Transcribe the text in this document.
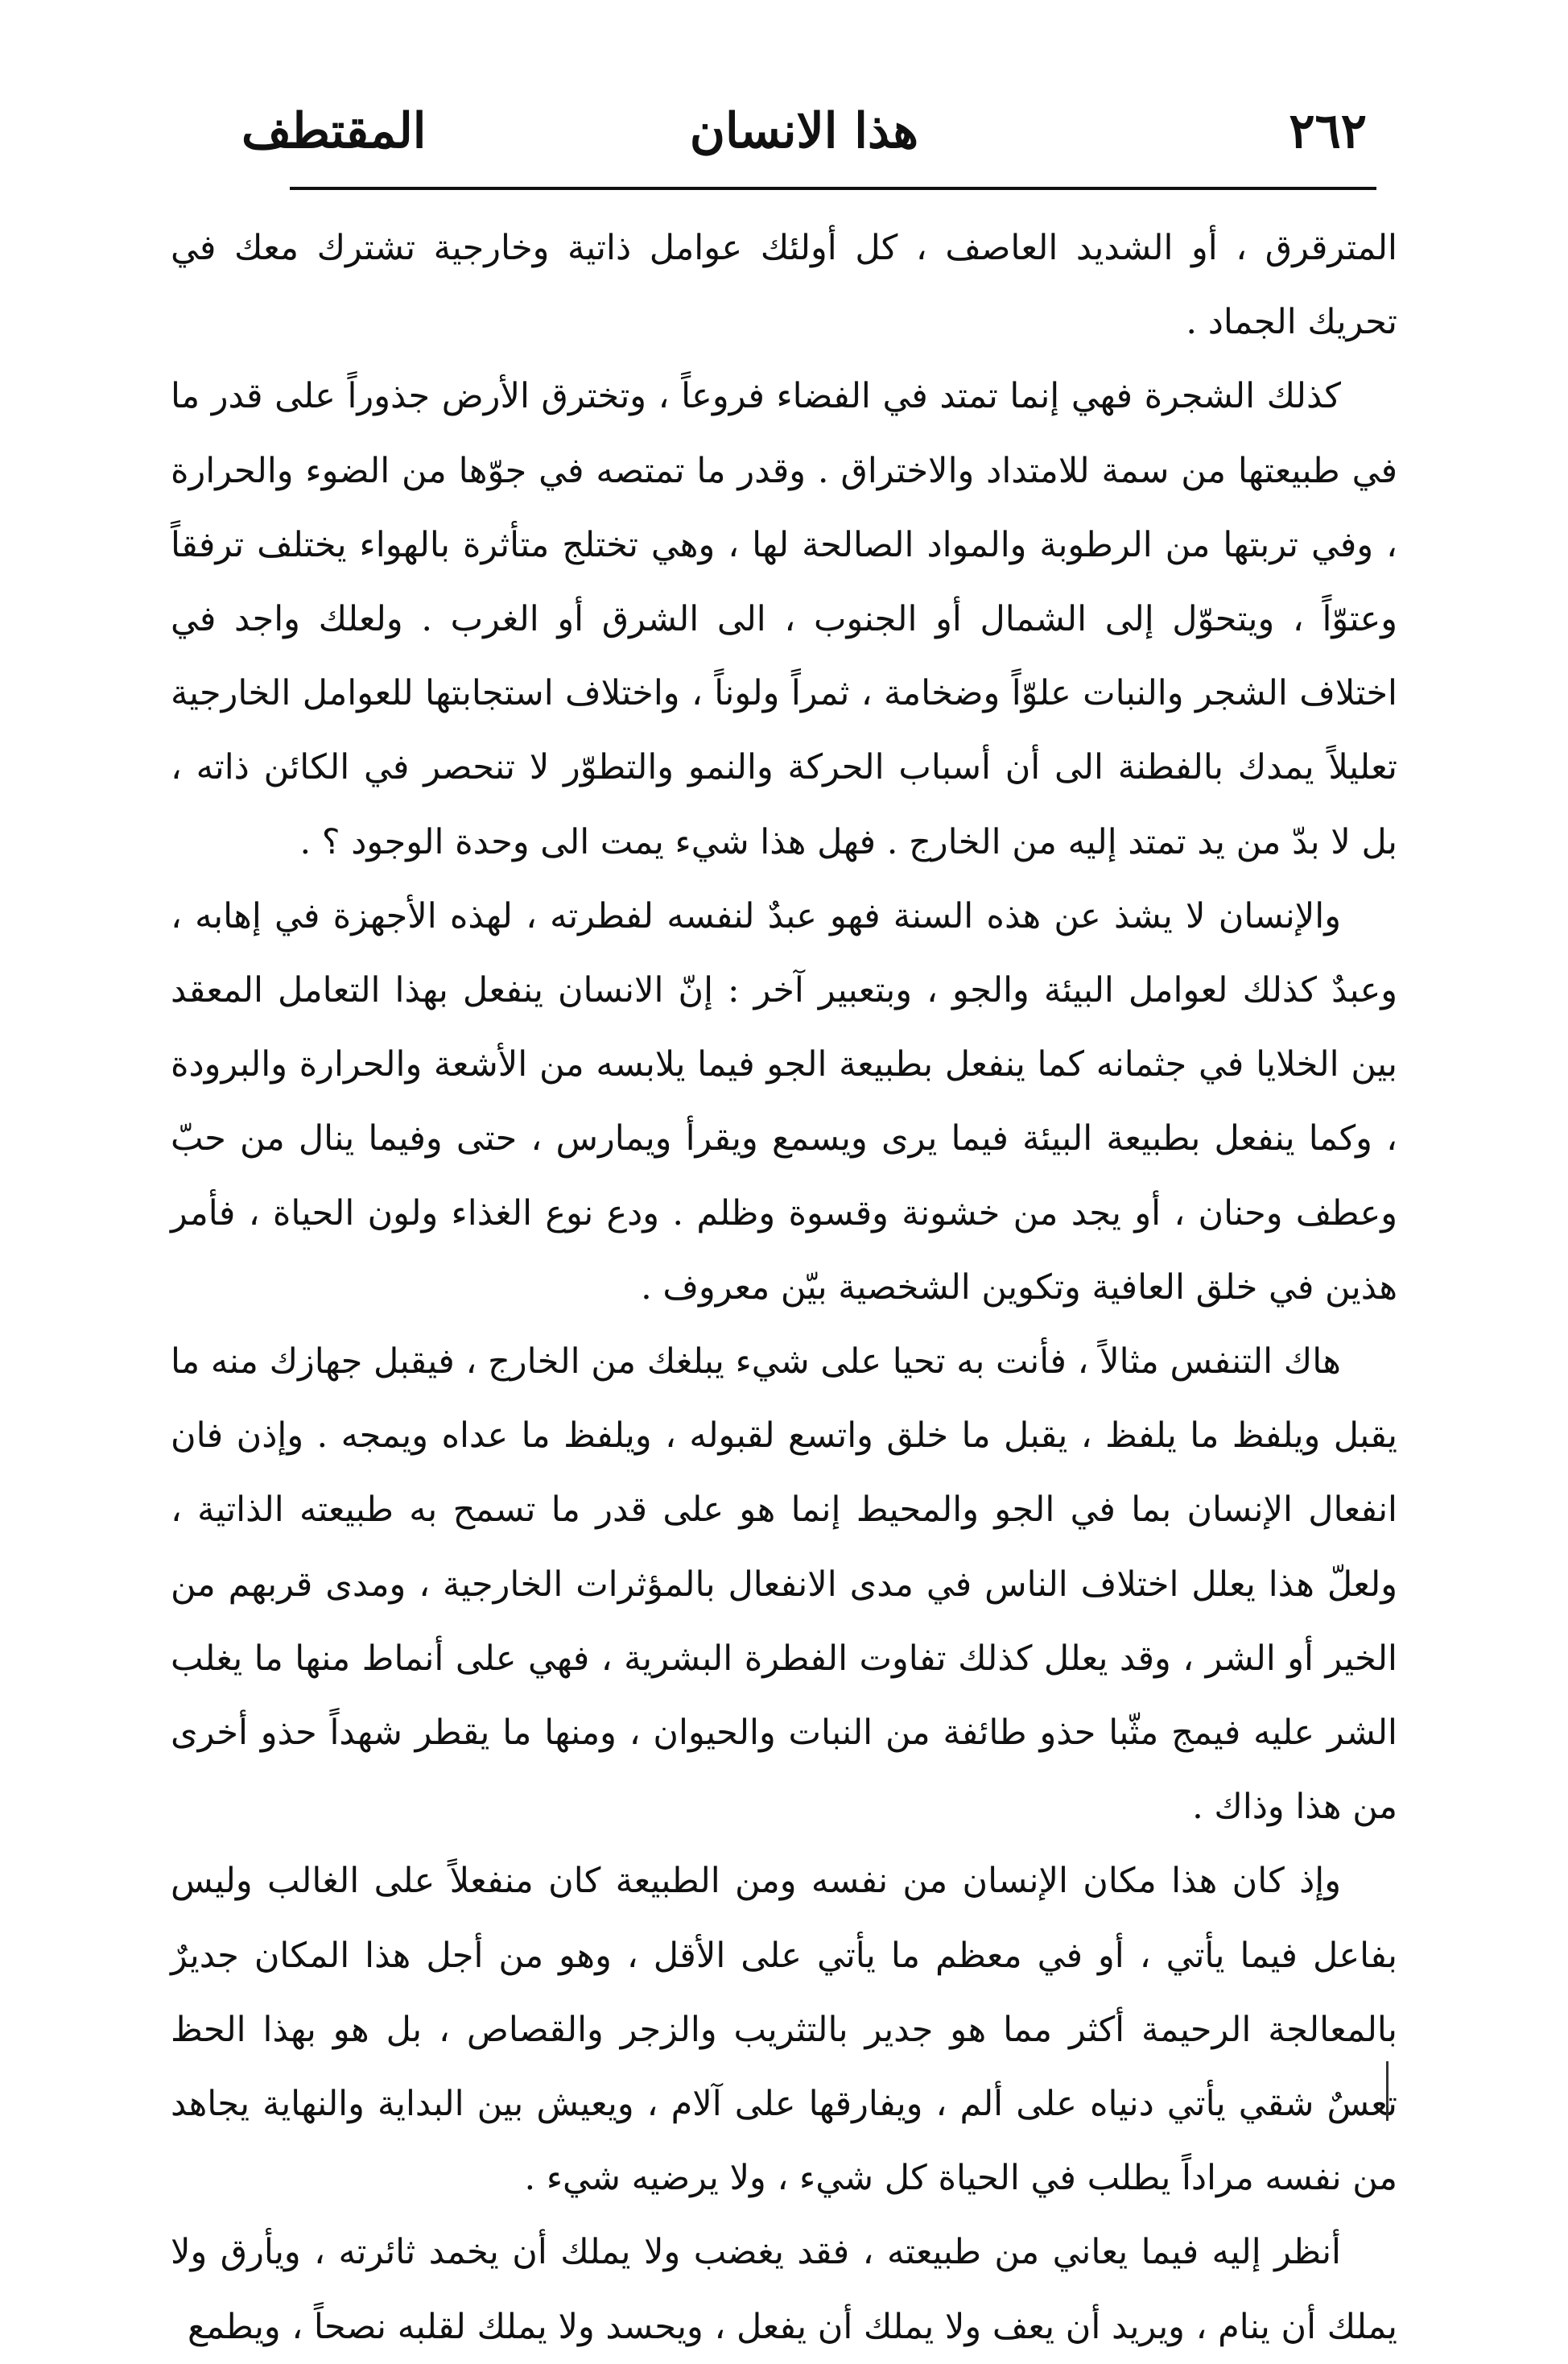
٢٦٢
هذا الانسان
المقتطف

المترقرق ، أو الشديد العاصف ، كل أولئك عوامل ذاتية وخارجية تشترك معك في تحريك الجماد .

كذلك الشجرة فهي إنما تمتد في الفضاء فروعاً ، وتخترق الأرض جذوراً على قدر ما في طبيعتها من سمة للامتداد والاختراق . وقدر ما تمتصه في جوّها من الضوء والحرارة ، وفي تربتها من الرطوبة والمواد الصالحة لها ، وهي تختلج متأثرة بالهواء يختلف ترفقاً وعتوّاً ، ويتحوّل إلى الشمال أو الجنوب ، الى الشرق أو الغرب . ولعلك واجد في اختلاف الشجر والنبات علوّاً وضخامة ، ثمراً ولوناً ، واختلاف استجابتها للعوامل الخارجية تعليلاً يمدك بالفطنة الى أن أسباب الحركة والنمو والتطوّر لا تنحصر في الكائن ذاته ، بل لا بدّ من يد تمتد إليه من الخارج . فهل هذا شيء يمت الى وحدة الوجود ؟ .

والإنسان لا يشذ عن هذه السنة فهو عبدٌ لنفسه لفطرته ، لهذه الأجهزة في إهابه ، وعبدٌ كذلك لعوامل البيئة والجو ، وبتعبير آخر : إنّ الانسان ينفعل بهذا التعامل المعقد بين الخلايا في جثمانه كما ينفعل بطبيعة الجو فيما يلابسه من الأشعة والحرارة والبرودة ، وكما ينفعل بطبيعة البيئة فيما يرى ويسمع ويقرأ ويمارس ، حتى وفيما ينال من حبّ وعطف وحنان ، أو يجد من خشونة وقسوة وظلم . ودع نوع الغذاء ولون الحياة ، فأمر هذين في خلق العافية وتكوين الشخصية بيّن معروف .

هاك التنفس مثالاً ، فأنت به تحيا على شيء يبلغك من الخارج ، فيقبل جهازك منه ما يقبل ويلفظ ما يلفظ ، يقبل ما خلق واتسع لقبوله ، ويلفظ ما عداه ويمجه . وإذن فان انفعال الإنسان بما في الجو والمحيط إنما هو على قدر ما تسمح به طبيعته الذاتية ، ولعلّ هذا يعلل اختلاف الناس في مدى الانفعال بالمؤثرات الخارجية ، ومدى قربهم من الخير أو الشر ، وقد يعلل كذلك تفاوت الفطرة البشرية ، فهي على أنماط منها ما يغلب الشر عليه فيمج مثّبا حذو طائفة من النبات والحيوان ، ومنها ما يقطر شهداً حذو أخرى من هذا وذاك .

وإذ كان هذا مكان الإنسان من نفسه ومن الطبيعة كان منفعلاً على الغالب وليس بفاعل فيما يأتي ، أو في معظم ما يأتي على الأقل ، وهو من أجل هذا المكان جديرٌ بالمعالجة الرحيمة أكثر مما هو جدير بالتثريب والزجر والقصاص ، بل هو بهذا الحظ تعسٌ شقي يأتي دنياه على ألم ، ويفارقها على آلام ، ويعيش بين البداية والنهاية يجاهد من نفسه مراداً يطلب في الحياة كل شيء ، ولا يرضيه شيء .

أنظر إليه فيما يعاني من طبيعته ، فقد يغضب ولا يملك أن يخمد ثائرته ، ويأرق ولا يملك أن ينام ، ويريد أن يعف ولا يملك أن يفعل ، ويحسد ولا يملك لقلبه نصحاً ، ويطمع
